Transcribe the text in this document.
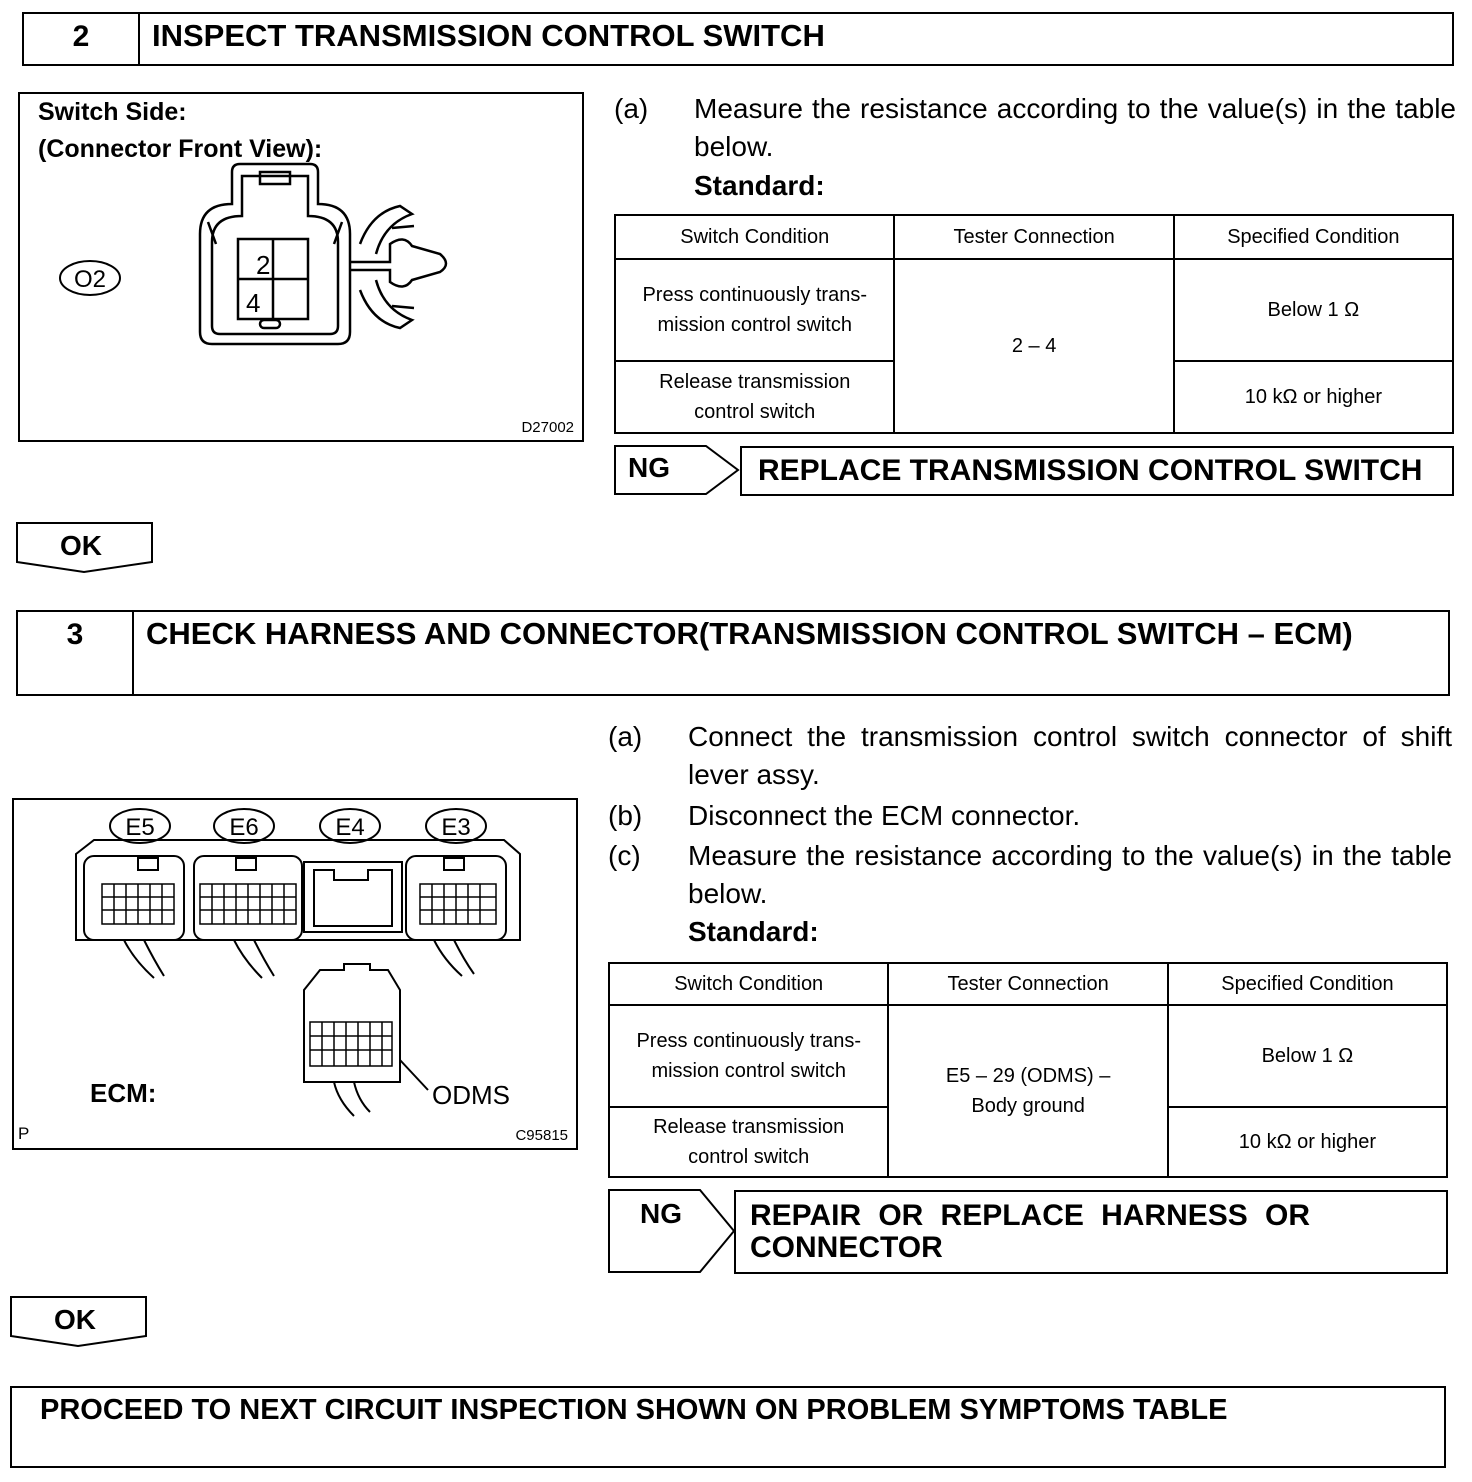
2	INSPECT TRANSMISSION CONTROL SWITCH
Switch Side:
(Connector Front View):
O2	2
4
D27002
(a) Measure the resistance according to the value(s) in the table below.
Standard:
Switch Condition	Tester Connection	Specified Condition
Press continuously trans- mission control switch	2 – 4	Below 1 Ω
Release transmission control switch		10 kΩ or higher
NG	REPLACE TRANSMISSION CONTROL SWITCH
OK
3	CHECK HARNESS AND CONNECTOR(TRANSMISSION CONTROL SWITCH – ECM)
E5	E6	E4	E3
ECM:	ODMS
P	C95815
(a) Connect the transmission control switch connector of shift lever assy.
(b) Disconnect the ECM connector.
(c) Measure the resistance according to the value(s) in the table below.
Standard:
Switch Condition	Tester Connection	Specified Condition
Press continuously trans- mission control switch	E5 – 29 (ODMS) – Body ground	Below 1 Ω
Release transmission control switch		10 kΩ or higher
NG REPAIR OR REPLACE HARNESS OR CONNECTOR
OK
PROCEED TO NEXT CIRCUIT INSPECTION SHOWN ON PROBLEM SYMPTOMS TABLE
